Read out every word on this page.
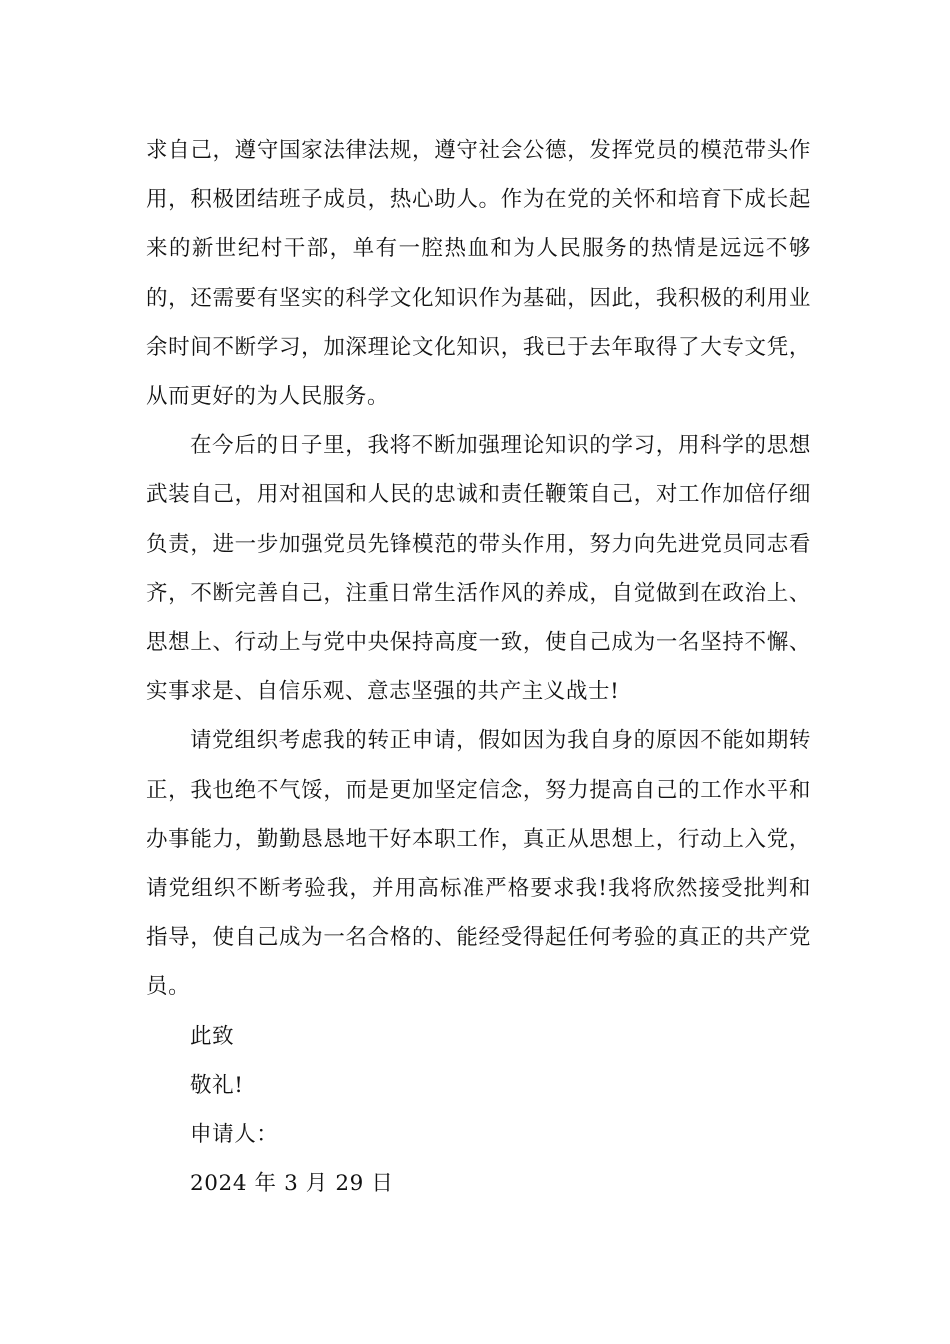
求自己，遵守国家法律法规，遵守社会公德，发挥党员的模范带头作用，积极团结班子成员，热心助人。作为在党的关怀和培育下成长起来的新世纪村干部，单有一腔热血和为人民服务的热情是远远不够的，还需要有坚实的科学文化知识作为基础，因此，我积极的利用业余时间不断学习，加深理论文化知识，我已于去年取得了大专文凭，从而更好的为人民服务。

在今后的日子里，我将不断加强理论知识的学习，用科学的思想武装自己，用对祖国和人民的忠诚和责任鞭策自己，对工作加倍仔细负责，进一步加强党员先锋模范的带头作用，努力向先进党员同志看齐，不断完善自己，注重日常生活作风的养成，自觉做到在政治上、思想上、行动上与党中央保持高度一致，使自己成为一名坚持不懈、实事求是、自信乐观、意志坚强的共产主义战士!

请党组织考虑我的转正申请，假如因为我自身的原因不能如期转正，我也绝不气馁，而是更加坚定信念，努力提高自己的工作水平和办事能力，勤勤恳恳地干好本职工作，真正从思想上，行动上入党，请党组织不断考验我，并用高标准严格要求我!我将欣然接受批判和指导，使自己成为一名合格的、能经受得起任何考验的真正的共产党员。

此致

敬礼!

申请人：

2024 年 3 月 29 日
